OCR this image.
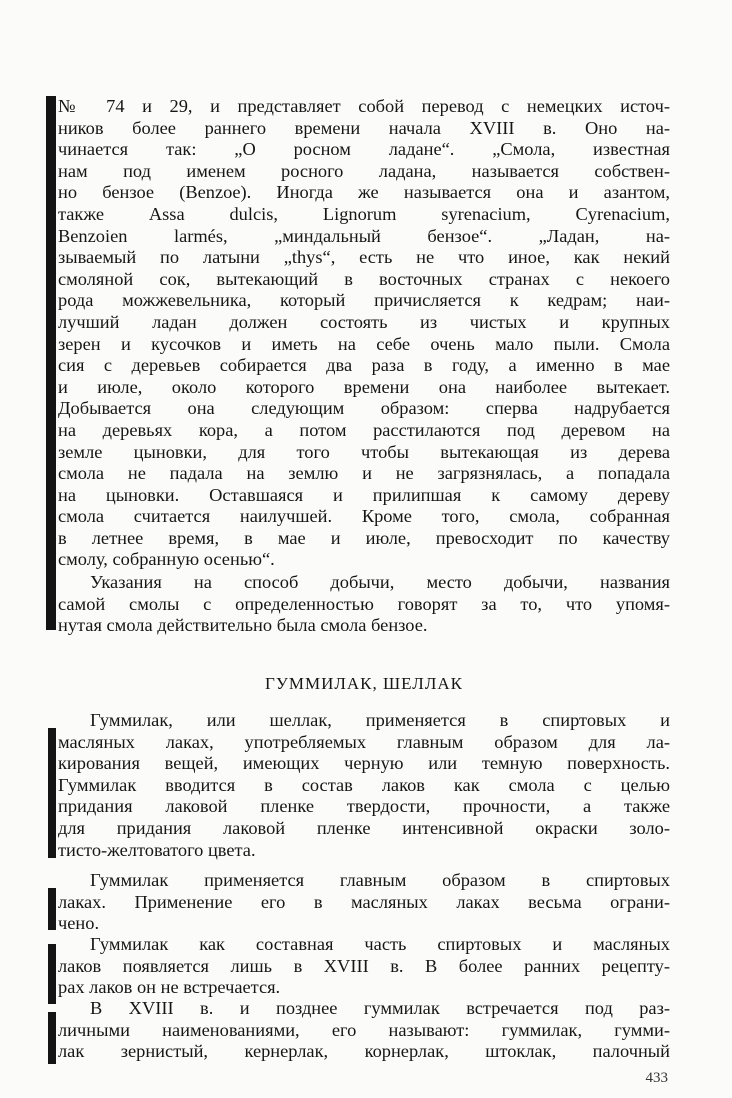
№ 74 и 29, и представляет собой перевод с немецких источ-
ников более раннего времени начала XVIII в. Оно на-
чинается так: „О росном ладане“. „Смола, известная
нам под именем росного ладана, называется собствен-
но бензое (Benzoe). Иногда же называется она и азантом,
также Assa dulcis, Lignorum syrenacium, Cyrenacium,
Benzoien larmés, „миндальный бензое“. „Ладан, на-
зываемый по латыни „thys“, есть не что иное, как некий
смоляной сок, вытекающий в восточных странах с некоего
рода можжевельника, который причисляется к кедрам; наи-
лучший ладан должен состоять из чистых и крупных
зерен и кусочков и иметь на себе очень мало пыли. Смола
сия с деревьев собирается два раза в году, а именно в мае
и июле, около которого времени она наиболее вытекает.
Добывается она следующим образом: сперва надрубается
на деревьях кора, а потом расстилаются под деревом на
земле цыновки, для того чтобы вытекающая из дерева
смола не падала на землю и не загрязнялась, а попадала
на цыновки. Оставшаяся и прилипшая к самому дереву
смола считается наилучшей. Кроме того, смола, собранная
в летнее время, в мае и июле, превосходит по качеству
смолу, собранную осенью“.
Указания на способ добычи, место добычи, названия
самой смолы с определенностью говорят за то, что упомя-
нутая смола действительно была смола бензое.
ГУММИЛАК, ШЕЛЛАК
Гуммилак, или шеллак, применяется в спиртовых и
масляных лаках, употребляемых главным образом для ла-
кирования вещей, имеющих черную или темную поверхность.
Гуммилак вводится в состав лаков как смола с целью
придания лаковой пленке твердости, прочности, а также
для придания лаковой пленке интенсивной окраски золо-
тисто-желтоватого цвета.
Гуммилак применяется главным образом в спиртовых
лаках. Применение его в масляных лаках весьма ограни-
чено.
Гуммилак как составная часть спиртовых и масляных
лаков появляется лишь в XVIII в. В более ранних рецепту-
рах лаков он не встречается.
В XVIII в. и позднее гуммилак встречается под раз-
личными наименованиями, его называют: гуммилак, гумми-
лак зернистый, кернерлак, корнерлак, штоклак, палочный
433
